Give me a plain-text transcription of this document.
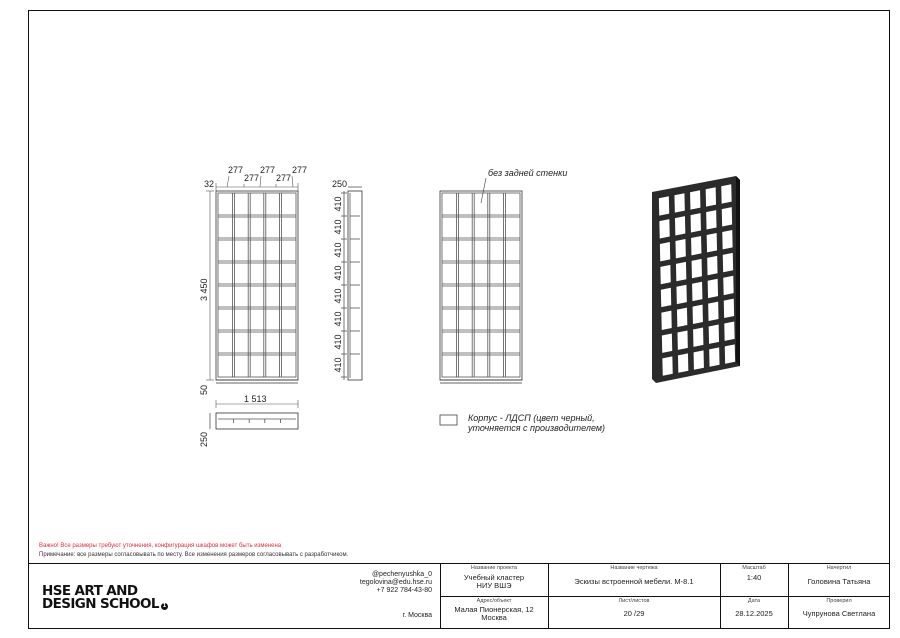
32
277
277
277
277
277
3 450
50
1 513
250
250
410
410
410
410
410
410
410
410
без задней стенки
Корпус - ЛДСП (цвет черный,
уточняется с производителем)
Важно! Все размеры требуют уточнения, конфигурация шкафов может быть изменена
Примечание: все размеры согласовывать по месту. Все изменения размеров согласовывать с разработчиком.
HSE ART AND
DESIGN SCHOOL 1
@pechenyushka_0
tegolovina@edu.hse.ru
+7 922 784-43-80
г. Москва
Название проекта
Учебный кластер
НИУ ВШЭ
Адрес/объект
Малая Пионерская, 12
Москва
Название чертежа
Эскизы встроенной мебели. М-8.1
Лист/листов
20 /29
Масштаб
1:40
Дата
28.12.2025
Начертил
Головина Татьяна
Проверил
Чупрунова Светлана
